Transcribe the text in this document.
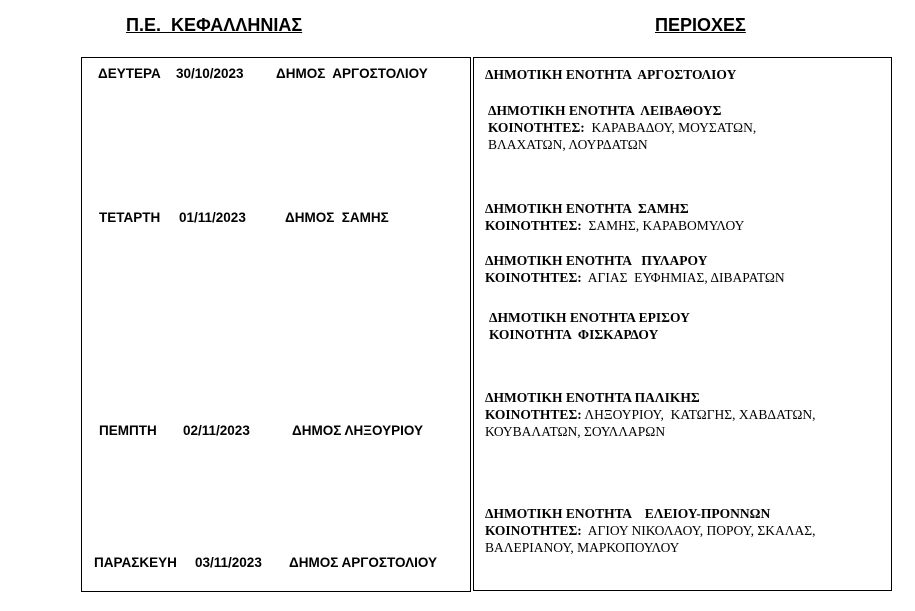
Π.Ε.  ΚΕΦΑΛΛΗΝΙΑΣ	ΠΕΡΙΟΧΕΣ
ΔΕΥΤΕΡΑ 30/10/2023 ΔΗΜΟΣ  ΑΡΓΟΣΤΟΛΙΟΥ
ΤΕΤΑΡΤΗ 01/11/2023	ΔΗΜΟΣ  ΣΑΜΗΣ
ΠΕΜΠΤΗ 02/11/2023	ΔΗΜΟΣ ΛΗΞΟΥΡΙΟΥ
ΠΑΡΑΣΚΕΥΗ 03/11/2023 ΔΗΜΟΣ ΑΡΓΟΣΤΟΛΙΟΥ
ΔΗΜΟΤΙΚΗ ΕΝΟΤΗΤΑ  ΑΡΓΟΣΤΟΛΙΟΥ
ΔΗΜΟΤΙΚΗ ΕΝΟΤΗΤΑ  ΛΕΙΒΑΘΟΥΣ
ΚΟΙΝΟΤΗΤΕΣ:  ΚΑΡΑΒΑΔΟΥ, ΜΟΥΣΑΤΩΝ,
ΒΛΑΧΑΤΩΝ, ΛΟΥΡΔΑΤΩΝ
ΔΗΜΟΤΙΚΗ ΕΝΟΤΗΤΑ  ΣΑΜΗΣ
ΚΟΙΝΟΤΗΤΕΣ:  ΣΑΜΗΣ, ΚΑΡΑΒΟΜΥΛΟΥ
ΔΗΜΟΤΙΚΗ ΕΝΟΤΗΤΑ   ΠΥΛΑΡΟΥ
ΚΟΙΝΟΤΗΤΕΣ:  ΑΓΙΑΣ  ΕΥΦΗΜΙΑΣ, ΔΙΒΑΡΑΤΩΝ
ΔΗΜΟΤΙΚΗ ΕΝΟΤΗΤΑ ΕΡΙΣΟΥ
ΚΟΙΝΟΤΗΤΑ  ΦΙΣΚΑΡΔΟΥ
ΔΗΜΟΤΙΚΗ ΕΝΟΤΗΤΑ ΠΑΛΙΚΗΣ
ΚΟΙΝΟΤΗΤΕΣ: ΛΗΞΟΥΡΙΟΥ,  ΚΑΤΩΓΗΣ, ΧΑΒΔΑΤΩΝ,
ΚΟΥΒΑΛΑΤΩΝ, ΣΟΥΛΛΑΡΩΝ
ΔΗΜΟΤΙΚΗ ΕΝΟΤΗΤΑ    ΕΛΕΙΟΥ-ΠΡΟΝΝΩΝ
ΚΟΙΝΟΤΗΤΕΣ:  ΑΓΙΟΥ ΝΙΚΟΛΑΟΥ, ΠΟΡΟΥ, ΣΚΑΛΑΣ,
ΒΑΛΕΡΙΑΝΟΥ, ΜΑΡΚΟΠΟΥΛΟΥ
